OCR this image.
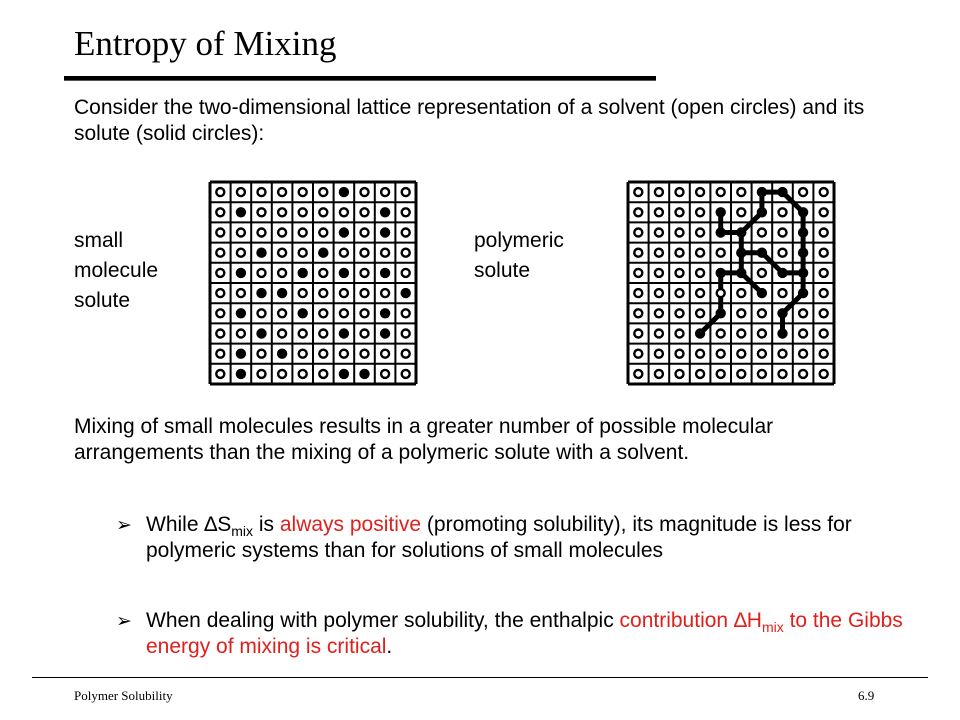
Entropy of Mixing
Consider the two-dimensional lattice representation of a solvent (open circles) and its solute (solid circles):
small
molecule
solute
polymeric
solute
Mixing of small molecules results in a greater number of possible molecular arrangements than the mixing of a polymeric solute with a solvent.
➢ While $\Delta S_{mix}$ is always positive (promoting solubility), its magnitude is less for polymeric systems than for solutions of small molecules
➢ When dealing with polymer solubility, the enthalpic contribution $\Delta H_{mix}$ to the Gibbs energy of mixing is critical.
Polymer Solubility	6.9
